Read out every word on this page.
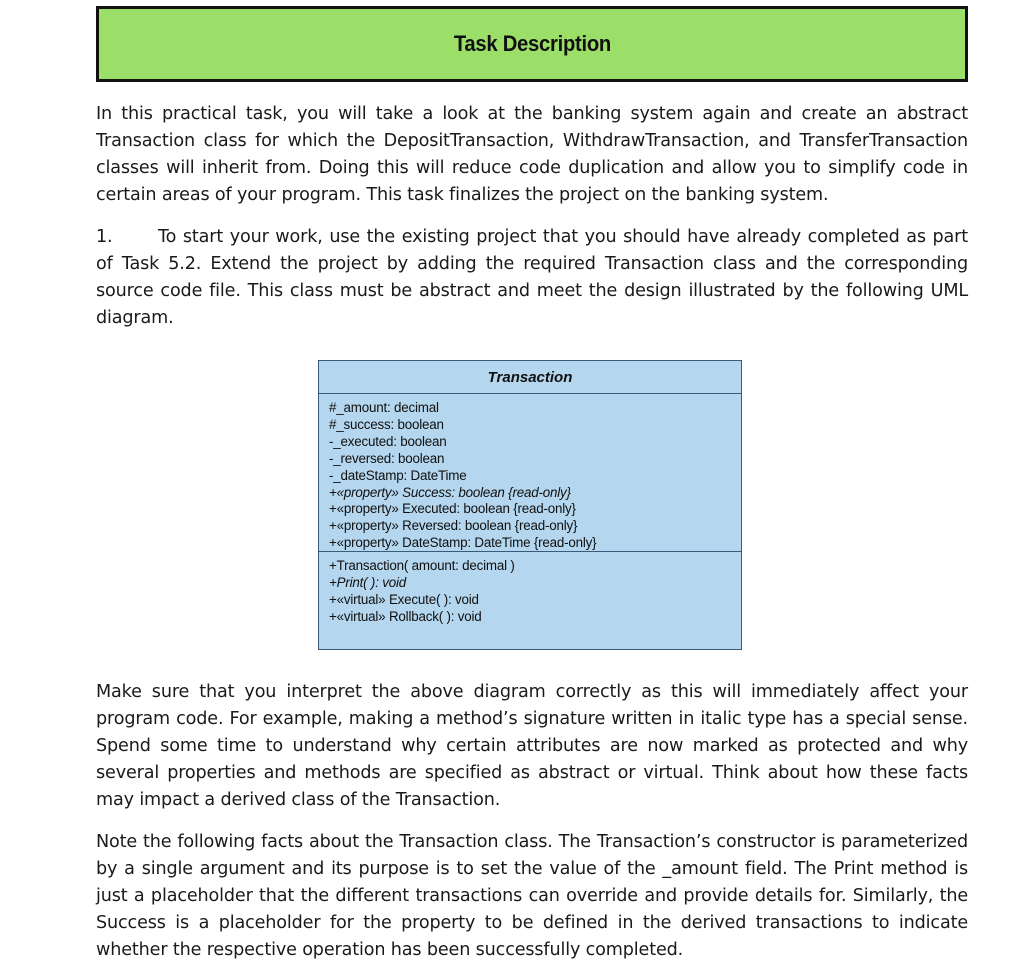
Task Description

In this practical task, you will take a look at the banking system again and create an abstract Transaction class for which the DepositTransaction, WithdrawTransaction, and TransferTransaction classes will inherit from. Doing this will reduce code duplication and allow you to simplify code in certain areas of your program. This task finalizes the project on the banking system.

1.	To start your work, use the existing project that you should have already completed as part of Task 5.2. Extend the project by adding the required Transaction class and the corresponding source code file. This class must be abstract and meet the design illustrated by the following UML diagram.

Transaction
#_amount: decimal
#_success: boolean
-_executed: boolean
-_reversed: boolean
-_dateStamp: DateTime
+«property» Success: boolean {read-only}
+«property» Executed: boolean {read-only}
+«property» Reversed: boolean {read-only}
+«property» DateStamp: DateTime {read-only}
+Transaction( amount: decimal )
+Print( ): void
+«virtual» Execute( ): void
+«virtual» Rollback( ): void

Make sure that you interpret the above diagram correctly as this will immediately affect your program code. For example, making a method’s signature written in italic type has a special sense. Spend some time to understand why certain attributes are now marked as protected and why several properties and methods are specified as abstract or virtual. Think about how these facts may impact a derived class of the Transaction.

Note the following facts about the Transaction class. The Transaction’s constructor is parameterized by a single argument and its purpose is to set the value of the _amount field. The Print method is just a placeholder that the different transactions can override and provide details for. Similarly, the Success is a placeholder for the property to be defined in the derived transactions to indicate whether the respective operation has been successfully completed.
